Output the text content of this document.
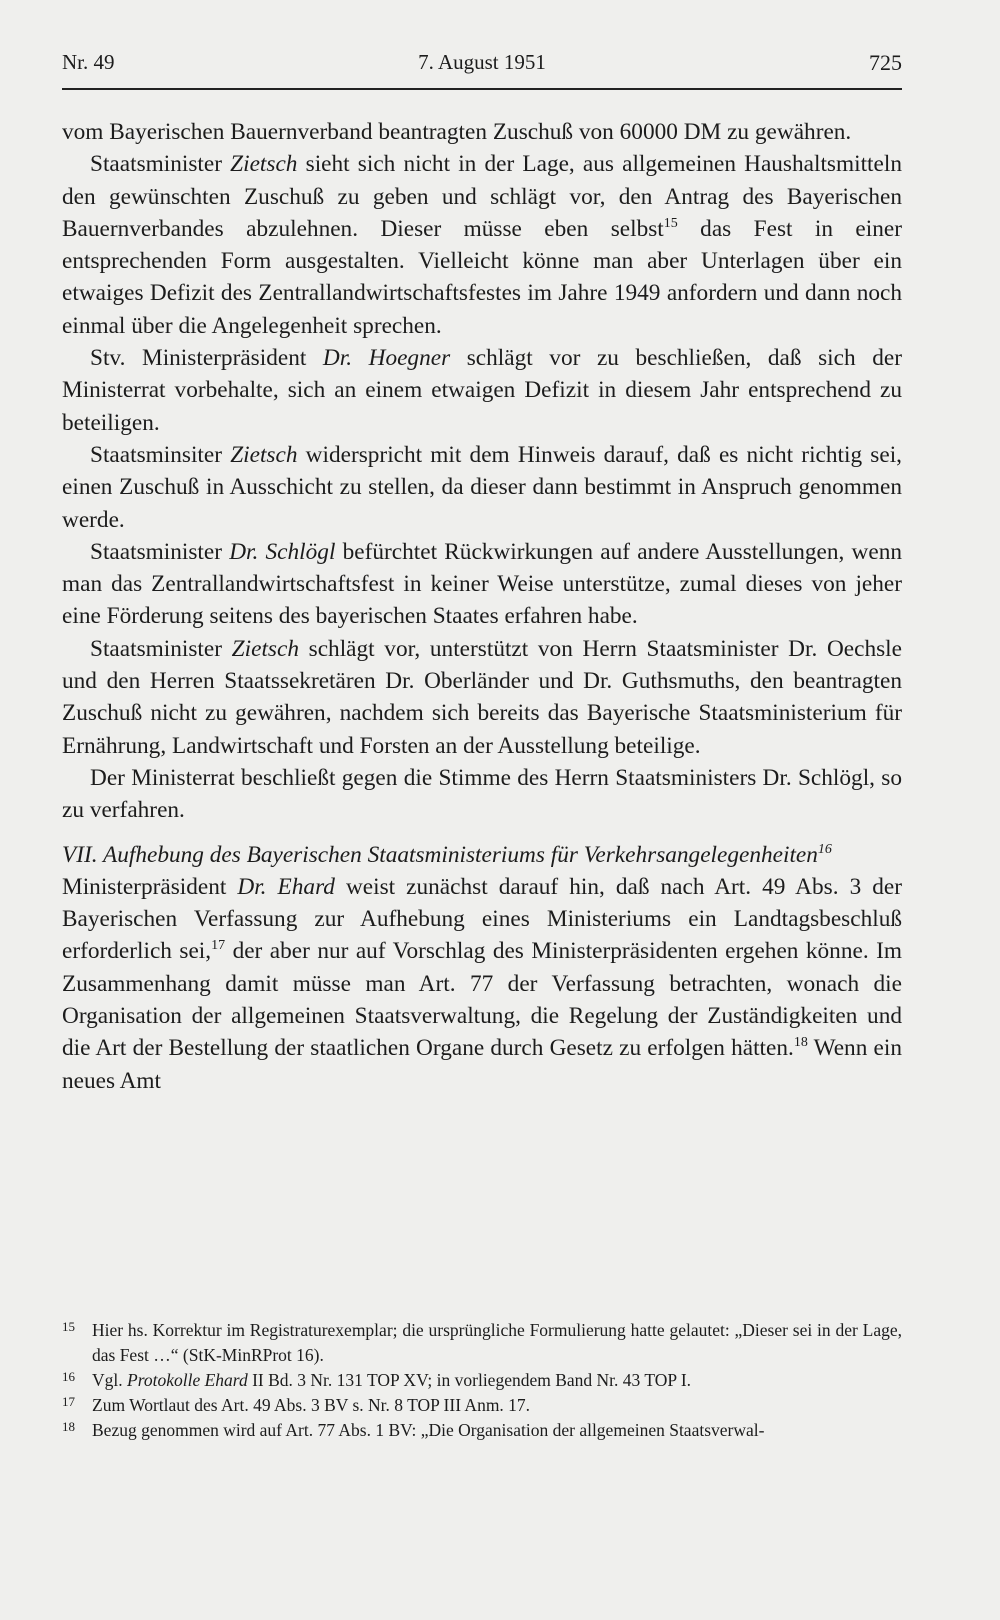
Nr. 49	7. August 1951	725

vom Bayerischen Bauernverband beantragten Zuschuß von 60000 DM zu gewähren.

Staatsminister Zietsch sieht sich nicht in der Lage, aus allgemeinen Haushaltsmitteln den gewünschten Zuschuß zu geben und schlägt vor, den Antrag des Bayerischen Bauernverbandes abzulehnen. Dieser müsse eben selbst$^{15}$ das Fest in einer entsprechenden Form ausgestalten. Vielleicht könne man aber Unterlagen über ein etwaiges Defizit des Zentrallandwirtschaftsfestes im Jahre 1949 anfordern und dann noch einmal über die Angelegenheit sprechen.

Stv. Ministerpräsident Dr. Hoegner schlägt vor zu beschließen, daß sich der Ministerrat vorbehalte, sich an einem etwaigen Defizit in diesem Jahr entsprechend zu beteiligen.

Staatsminsiter Zietsch widerspricht mit dem Hinweis darauf, daß es nicht richtig sei, einen Zuschuß in Ausschicht zu stellen, da dieser dann bestimmt in Anspruch genommen werde.

Staatsminister Dr. Schlögl befürchtet Rückwirkungen auf andere Ausstellungen, wenn man das Zentrallandwirtschaftsfest in keiner Weise unterstütze, zumal dieses von jeher eine Förderung seitens des bayerischen Staates erfahren habe.

Staatsminister Zietsch schlägt vor, unterstützt von Herrn Staatsminister Dr. Oechsle und den Herren Staatssekretären Dr. Oberländer und Dr. Guthsmuths, den beantragten Zuschuß nicht zu gewähren, nachdem sich bereits das Bayerische Staatsministerium für Ernährung, Landwirtschaft und Forsten an der Ausstellung beteilige.

Der Ministerrat beschließt gegen die Stimme des Herrn Staatsministers Dr. Schlögl, so zu verfahren.

VII. Aufhebung des Bayerischen Staatsministeriums für Verkehrsangelegenheiten$^{16}$

Ministerpräsident Dr. Ehard weist zunächst darauf hin, daß nach Art. 49 Abs. 3 der Bayerischen Verfassung zur Aufhebung eines Ministeriums ein Landtagsbeschluß erforderlich sei,$^{17}$ der aber nur auf Vorschlag des Ministerpräsidenten ergehen könne. Im Zusammenhang damit müsse man Art. 77 der Verfassung betrachten, wonach die Organisation der allgemeinen Staatsverwaltung, die Regelung der Zuständigkeiten und die Art der Bestellung der staatlichen Organe durch Gesetz zu erfolgen hätten.$^{18}$ Wenn ein neues Amt

15 Hier hs. Korrektur im Registraturexemplar; die ursprüngliche Formulierung hatte gelautet: „Dieser sei in der Lage, das Fest …“ (StK-MinRProt 16).
16 Vgl. Protokolle Ehard II Bd. 3 Nr. 131 TOP XV; in vorliegendem Band Nr. 43 TOP I.
17 Zum Wortlaut des Art. 49 Abs. 3 BV s. Nr. 8 TOP III Anm. 17.
18 Bezug genommen wird auf Art. 77 Abs. 1 BV: „Die Organisation der allgemeinen Staatsverwal-
